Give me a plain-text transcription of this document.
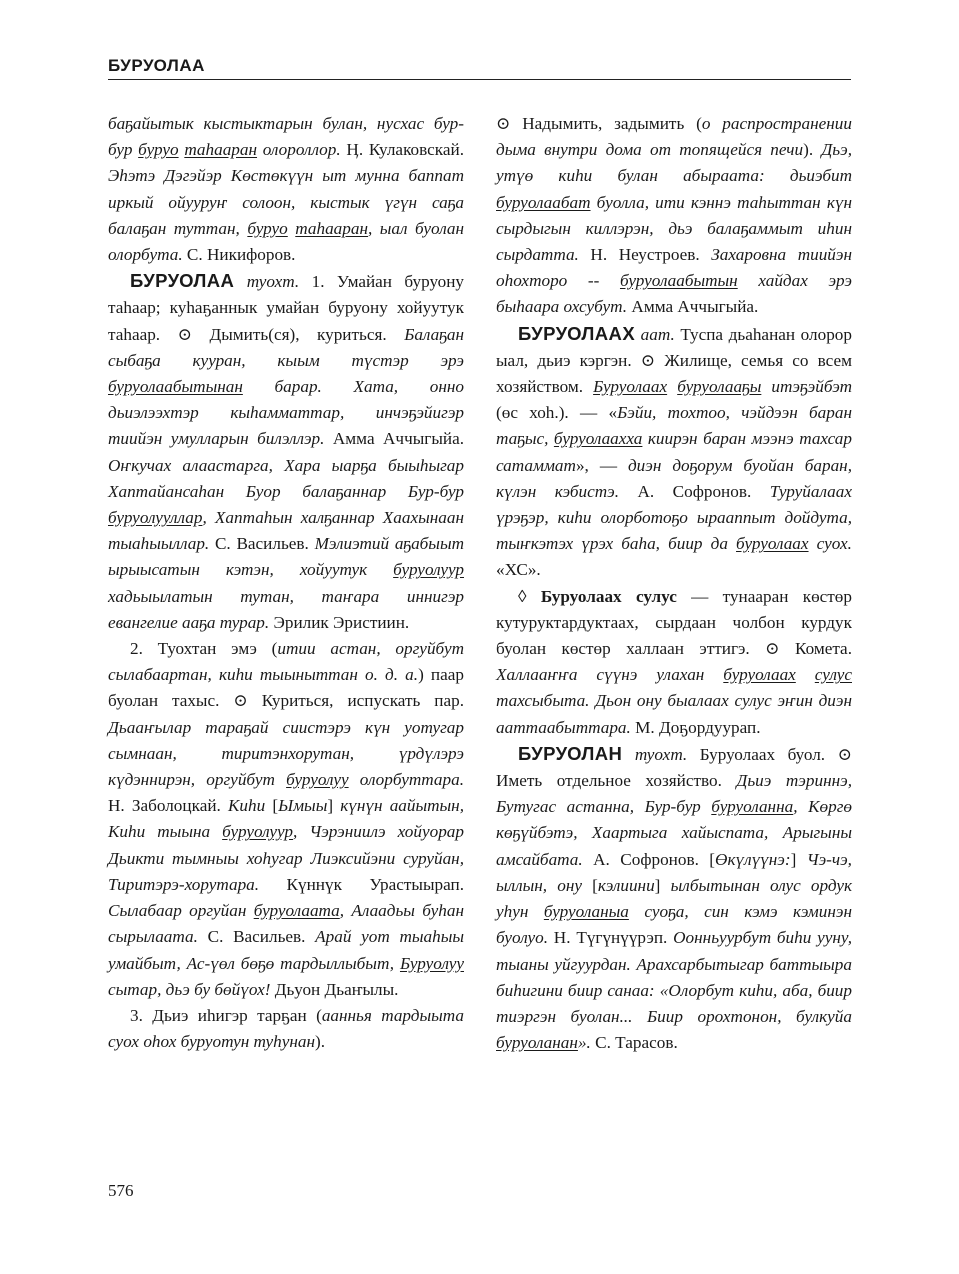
БУРУОЛАА

баҕайытык кыстыктарын булан, нусхас бур-бур буруо таһааран олороллор. Ӊ. Кулаковскай. Эһэтэ Дэгэйэр Көстөкүүн ыт мунна баппат иркый ойууруҥ солоон, кыстык үгүн саҕа балаҕан туттан, буруо таһааран, ыал буолан олорбута. С. Никифоров.

БУРУОЛАА туохт. 1. Умайан буруону таһаар; куһаҕаннык умайан буруону хойуутук таһаар. ⊙ Дымить(ся), куриться. Балаҕан сыбаҕа кууран, кыым түстэр эрэ буруолаабытынан барар. Хата, онно дьиэлээхтэр кыһамматтар, инчэҕэйигэр тиийэн умулларын билэллэр. Амма Аччыгыйа. Оҥкучах алаастарга, Хара ыарҕа быыһыгар Хаптайансаһан Буор балаҕаннар Бур-бур буруолууллар, Хаптаһын халҕаннар Хаахынаан тыаһыыллар. С. Васильев. Мэлиэтий аҕабыыт ырыысатын кэтэн, хойуутук буруолуур хадьыылатын тутан, таҥара иннигэр евангелие ааҕа турар. Эрилик Эристиин.

2. Туохтан эмэ (итии астан, оргуйбут сылабаартан, киһи тыыныттан о. д. а.) паар буолан тахыс. ⊙ Куриться, испускать пар. Дьааҥылар тараҕай сиистэрэ күн уотугар сымнаан, тиритэнхорутан, үрдүлэрэ күдэннирэн, оргуйбут буруолуу олорбуттара. Н. Заболоцкай. Киһи [Ымыы] күнүн аайытын, Киһи тыына буруолуур, Чэрэниилэ хойуорар Дьикти тымныы хоһугар Лиэксийэни суруйан, Тиритэрэ-хорутара. Күннүк Урастыырап. Сылабаар оргуйан буруолаата, Алаадьы буһан сырылаата. С. Васильев. Арай уот тыаһыы умайбыт, Ас-үөл бөҕө тардыллыбыт, Буруолуу сытар, дьэ бу бөйүох! Дьуон Дьаҥылы.

3. Дьиэ иһигэр тарҕан (ааннья тардыыта суох оһох буруотун туһунан).

⊙ Надымить, задымить (о распространении дыма внутри дома от топящейся печи). Дьэ, утүө киһи булан абыраата: дьиэбит буруолаабат буолла, ити кэннэ таһыттан күн сырдыгын киллэрэн, дьэ балаҕаммыт иһин сырдатта. Н. Неустроев. Захаровна тиийэн оһохторо -- буруолаабытын хайдах эрэ быһаара охсубут. Амма Аччыгыйа.

БУРУОЛААХ аат. Туспа дьаһанан олорор ыал, дьиэ кэргэн. ⊙ Жилище, семья со всем хозяйством. Буруолаах буруолааҕы итэҕэйбэт (өс хоһ.). — «Бэйи, тохтоо, чэйдээн баран таҕыс, буруолаахха киирэн баран мээнэ тахсар сатаммат», — диэн доҕорум буойан баран, күлэн кэбистэ. А. Софронов. Туруйалаах үрэҕэр, киһи олорботоҕо ырааппыт дойдута, тыҥкэтэх үрэх баһа, биир да буруолаах суох. «ХС».

◊ Буруолаах сулус — тунааран көстөр кутуруктардуктаах, сырдаан чолбон курдук буолан көстөр халлаан эттигэ. ⊙ Комета. Халлааҥҥа сүүнэ улахан буруолаах сулус тахсыбыта. Дьон ону быалаах сулус эҥин диэн ааттаабыттара. М. Доҕордуурап.

БУРУОЛАН туохт. Буруолаах буол. ⊙ Иметь отдельное хозяйство. Дьиэ тэриннэ, Бутугас астанна, Бур-бур буруоланна, Көргө көҕүйбэтэ, Хаартыга хайыспата, Арыгыны амсайбата. А. Софронов. [Өкүлүүнэ:] Чэ-чэ, ыллын, ону [кэлиини] ылбытынан олус ордук уһун буруоланыа суоҕа, син кэмэ кэминэн буолуо. Н. Түгүнүүрэп. Оонньуурбут биһи ууну, тыаны уйгуурдан. Арахсарбытыгар баттыыра биһигини биир санаа: «Олорбут киһи, аба, биир тиэргэн буолан... Биир орохтонон, булкуйа буруоланан». С. Тарасов.

576
